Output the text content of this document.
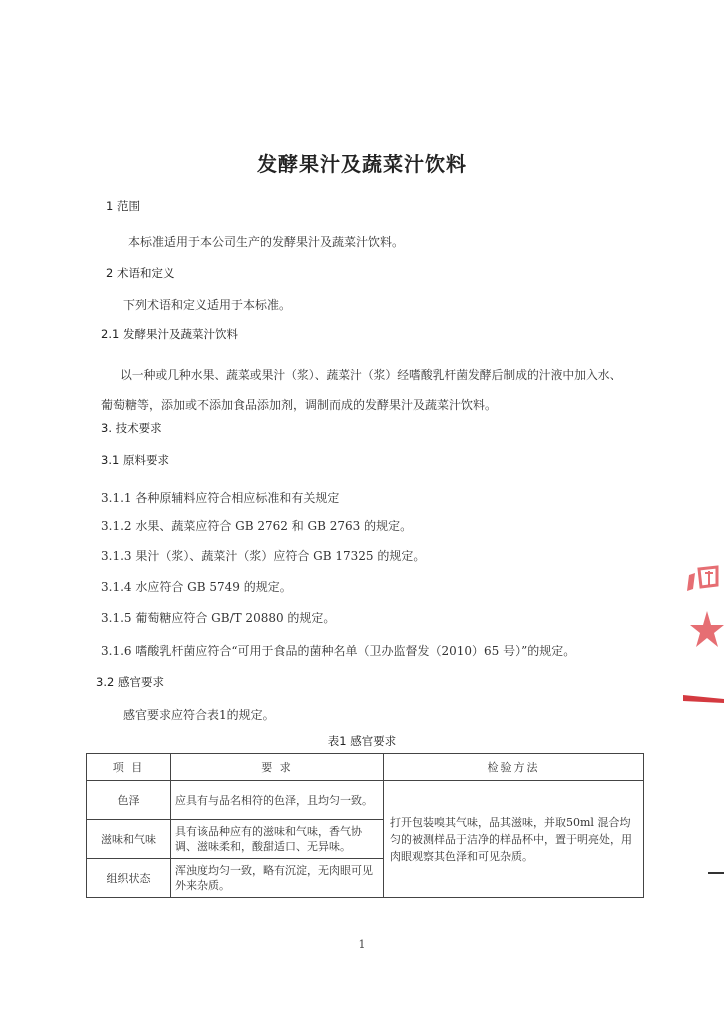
发酵果汁及蔬菜汁饮料
1 范围
本标准适用于本公司生产的发酵果汁及蔬菜汁饮料。
2 术语和定义
下列术语和定义适用于本标准。
2.1 发酵果汁及蔬菜汁饮料
以一种或几种水果、蔬菜或果汁（浆）、蔬菜汁（浆）经嗜酸乳杆菌发酵后制成的汁液中加入水、
葡萄糖等，添加或不添加食品添加剂，调制而成的发酵果汁及蔬菜汁饮料。
3. 技术要求
3.1 原料要求
3.1.1 各种原辅料应符合相应标准和有关规定
3.1.2 水果、蔬菜应符合 GB 2762 和 GB 2763 的规定。
3.1.3 果汁（浆）、蔬菜汁（浆）应符合 GB 17325 的规定。
3.1.4 水应符合 GB 5749 的规定。
3.1.5 葡萄糖应符合 GB/T 20880 的规定。
3.1.6 嗜酸乳杆菌应符合“可用于食品的菌种名单（卫办监督发（2010）65 号）”的规定。
3.2 感官要求
感官要求应符合表1的规定。
表1 感官要求
项 目	要 求	检验方法
色泽	应具有与品名相符的色泽，且均匀一致。	打开包装嗅其气味，品其滋味，并取50ml 混合均匀的被测样品于洁净的样品杯中，置于明亮处，用肉眼观察其色泽和可见杂质。
滋味和气味	具有该品种应有的滋味和气味，香气协调、滋味柔和，酸甜适口、无异味。	
组织状态	浑浊度均匀一致，略有沉淀，无肉眼可见外来杂质。	
1
